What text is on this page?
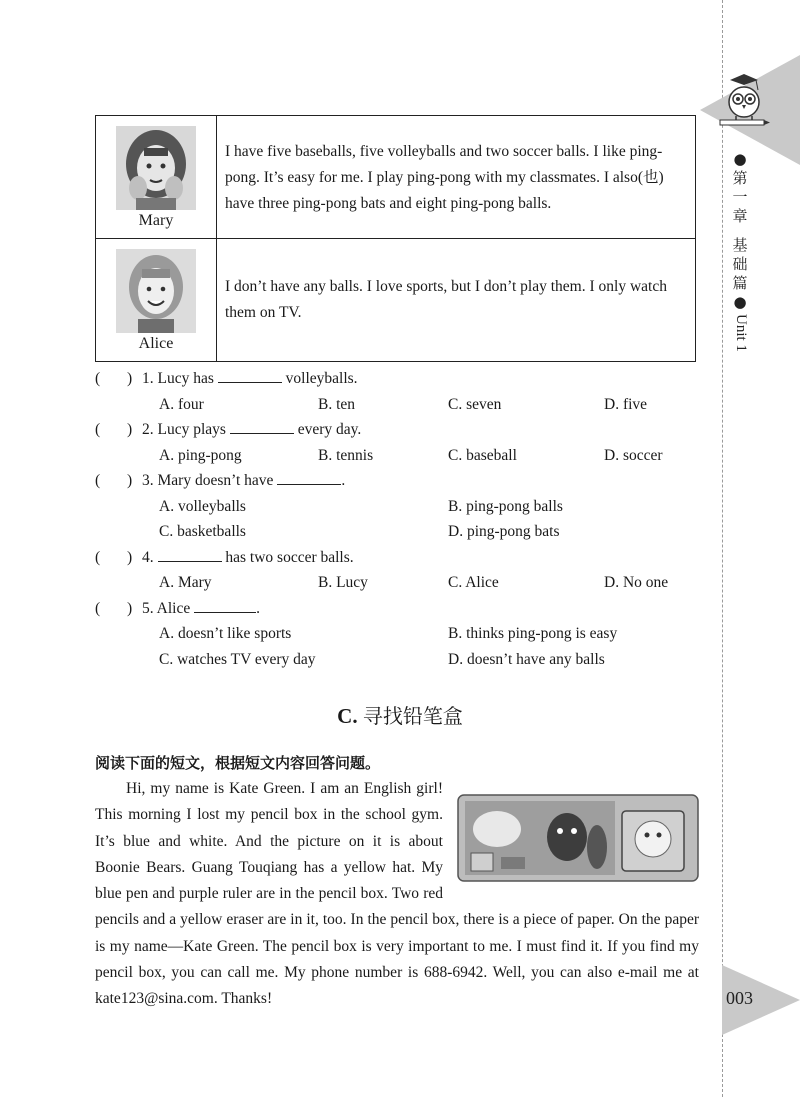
●
第
一
章
基
础
篇
●
Unit 1
003
Mary	I have five baseballs, five volleyballs and two soccer balls. I like ping-pong. It’s easy for me. I play ping-pong with my classmates. I also(也) have three ping-pong bats and eight ping-pong balls.

Alice	I don’t have any balls. I love sports, but I don’t play them. I only watch them on TV.
( ) 1. Lucy has	volleyballs.
A. four	B. ten	C. seven	D. five
( ) 2. Lucy plays	every day.
A. ping-pong	B. tennis	C. baseball	D. soccer
( ) 3. Mary doesn’t have	.
A. volleyballs	B. ping-pong balls
C. basketballs	D. ping-pong bats
( ) 4.	has two soccer balls.
A. Mary	B. Lucy	C. Alice	D. No one
( ) 5. Alice	.
A. doesn’t like sports	B. thinks ping-pong is easy
C. watches TV every day	D. doesn’t have any balls
C. 寻找铅笔盒
阅读下面的短文，根据短文内容回答问题。
Hi, my name is Kate Green. I am an English girl! This morning I lost my pencil box in the school gym. It’s blue and white. And the picture on it is about Boonie Bears. Guang Touqiang has a yellow hat. My blue pen and purple ruler are in the pencil box. Two red pencils and a yellow eraser are in it, too. In the pencil box, there is a piece of paper. On the paper is my name—Kate Green. The pencil box is very important to me. I must find it. If you find my pencil box, you can call me. My phone number is 688-6942. Well, you can also e-mail me at kate123@sina.com. Thanks!
